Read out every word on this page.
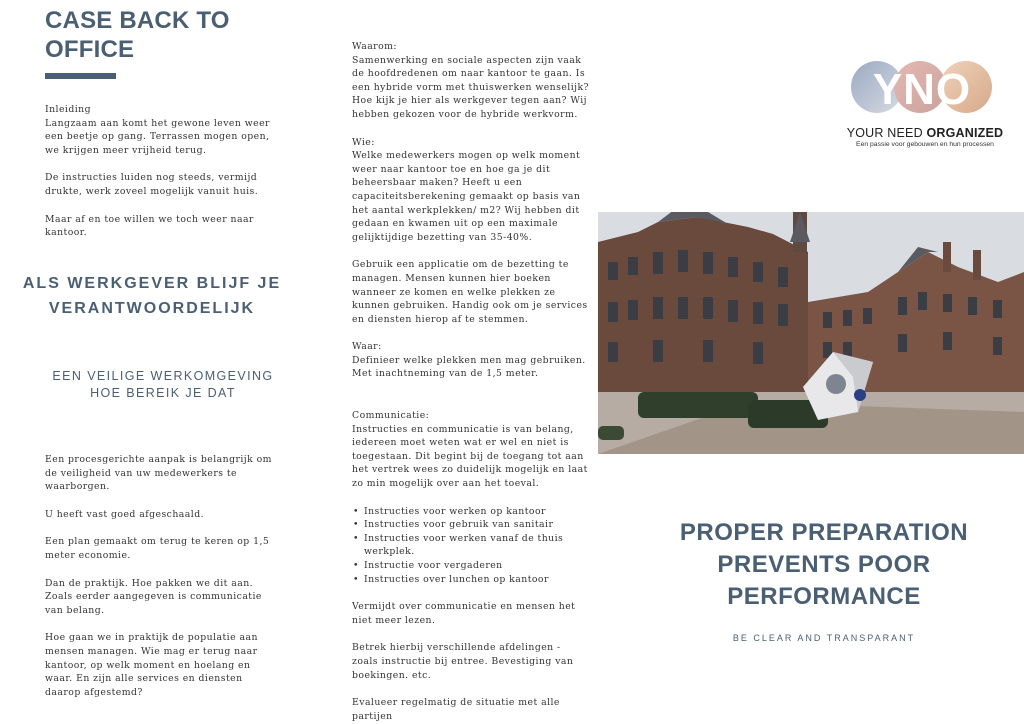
CASE BACK TO OFFICE

Inleiding

Langzaam aan komt het gewone leven weer een beetje op gang. Terrassen mogen open, we krijgen meer vrijheid terug.

De instructies luiden nog steeds, vermijd drukte, werk zoveel mogelijk vanuit huis.

Maar af en toe willen we toch weer naar kantoor.

ALS WERKGEVER BLIJF JE VERANTWOORDELIJK
EEN VEILIGE WERKOMGEVING HOE BEREIK JE DAT

Een procesgerichte aanpak is belangrijk om de veiligheid van uw medewerkers te waarborgen.

U heeft vast goed afgeschaald.

Een plan gemaakt om terug te keren op 1,5 meter economie.

Dan de praktijk. Hoe pakken we dit aan. Zoals eerder aangegeven is communicatie van belang.

Hoe gaan we in praktijk de populatie aan mensen managen. Wie mag er terug naar kantoor, op welk moment en hoelang en waar. En zijn alle services en diensten daarop afgestemd?

Waarom:

Samenwerking en sociale aspecten zijn vaak de hoofdredenen om naar kantoor te gaan. Is een hybride vorm met thuiswerken wenselijk? Hoe kijk je hier als werkgever tegen aan? Wij hebben gekozen voor de hybride werkvorm.

Wie:

Welke medewerkers mogen op welk moment weer naar kantoor toe en hoe ga je dit beheersbaar maken? Heeft u een capaciteitsberekening gemaakt op basis van het aantal werkplekken/ m2? Wij hebben dit gedaan en kwamen uit op een maximale gelijktijdige bezetting van 35-40%.

Gebruik een applicatie om de bezetting te managen. Mensen kunnen hier boeken wanneer ze komen en welke plekken ze kunnen gebruiken. Handig ook om je services en diensten hierop af te stemmen.

Waar:

Definieer welke plekken men mag gebruiken. Met inachtneming van de 1,5 meter.

Communicatie:

Instructies en communicatie is van belang, iedereen moet weten wat er wel en niet is toegestaan. Dit begint bij de toegang tot aan het vertrek wees zo duidelijk mogelijk en laat zo min mogelijk over aan het toeval.

• Instructies voor werken op kantoor
• Instructies voor gebruik van sanitair
• Instructies voor werken vanaf de thuis werkplek.
• Instructie voor vergaderen
• Instructies over lunchen op kantoor

Vermijdt over communicatie en mensen het niet meer lezen.

Betrek hierbij verschillende afdelingen - zoals instructie bij entree. Bevestiging van boekingen. etc.

Evalueer regelmatig de situatie met alle partijen

YNO
YOUR NEED ORGANIZED
Een passie voor gebouwen en hun processen
PROPER PREPARATION PREVENTS POOR PERFORMANCE
BE CLEAR AND TRANSPARANT
